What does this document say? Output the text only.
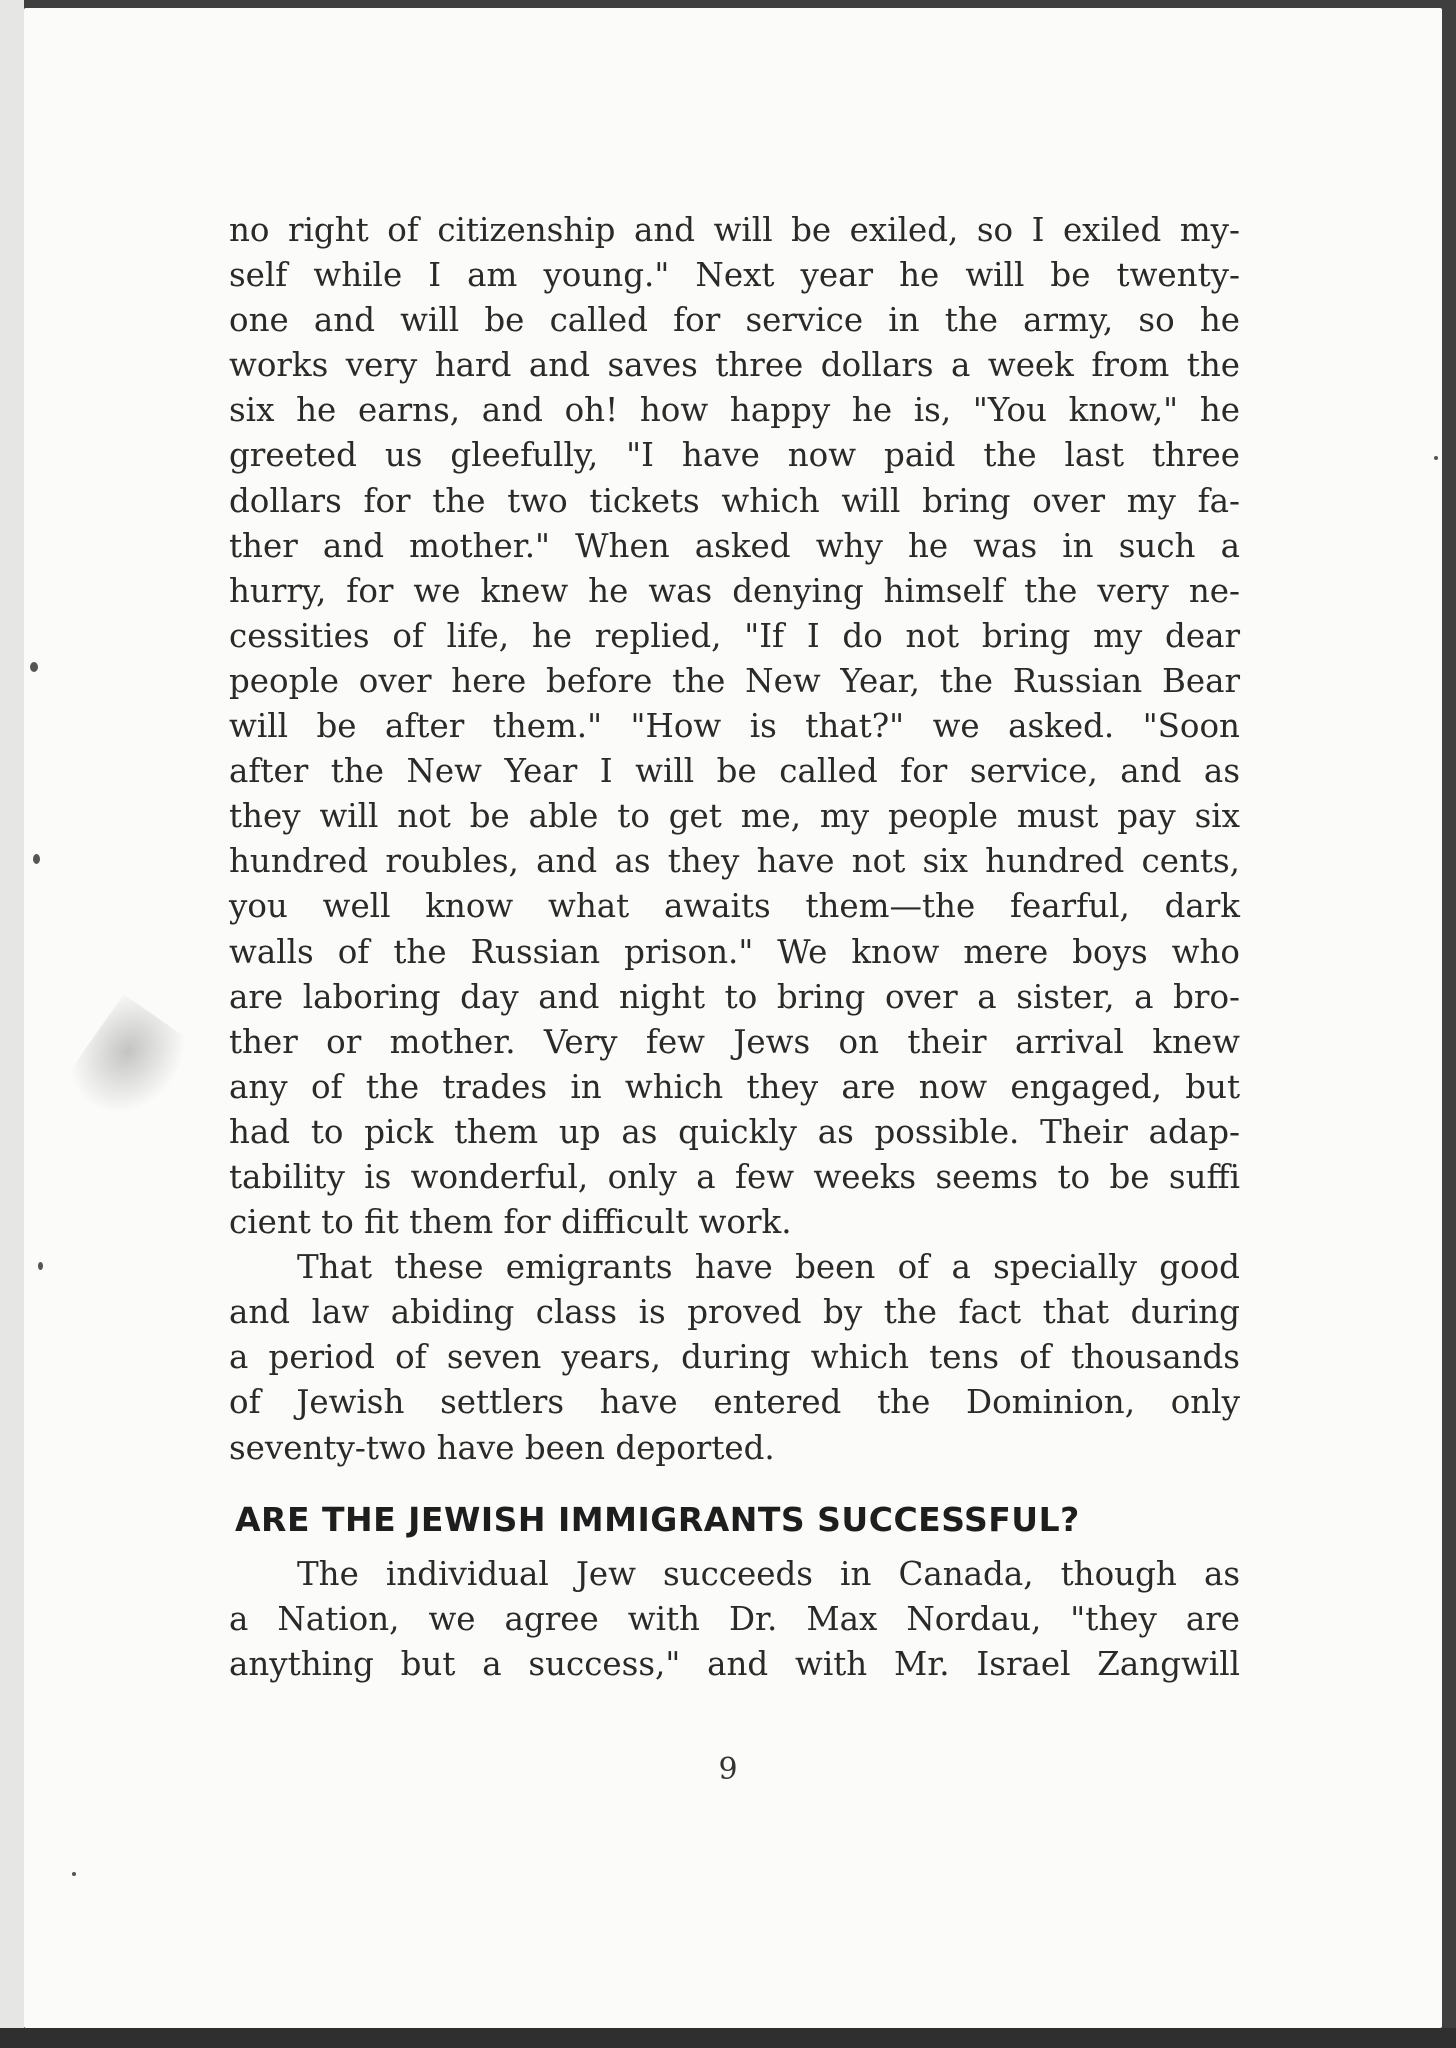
no right of citizenship and will be exiled, so I exiled my-
self while I am young." Next year he will be twenty-
one and will be called for service in the army, so he
works very hard and saves three dollars a week from the
six he earns, and oh! how happy he is, "You know," he
greeted us gleefully, "I have now paid the last three
dollars for the two tickets which will bring over my fa-
ther and mother." When asked why he was in such a
hurry, for we knew he was denying himself the very ne-
cessities of life, he replied, "If I do not bring my dear
people over here before the New Year, the Russian Bear
will be after them." "How is that?" we asked. "Soon
after the New Year I will be called for service, and as
they will not be able to get me, my people must pay six
hundred roubles, and as they have not six hundred cents,
you well know what awaits them—the fearful, dark
walls of the Russian prison." We know mere boys who
are laboring day and night to bring over a sister, a bro-
ther or mother. Very few Jews on their arrival knew
any of the trades in which they are now engaged, but
had to pick them up as quickly as possible. Their adap-
tability is wonderful, only a few weeks seems to be suffi
cient to fit them for difficult work.

That these emigrants have been of a specially good
and law abiding class is proved by the fact that during
a period of seven years, during which tens of thousands
of Jewish settlers have entered the Dominion, only
seventy-two have been deported.

ARE THE JEWISH IMMIGRANTS SUCCESSFUL?

The individual Jew succeeds in Canada, though as
a Nation, we agree with Dr. Max Nordau, "they are
anything but a success," and with Mr. Israel Zangwill

9
